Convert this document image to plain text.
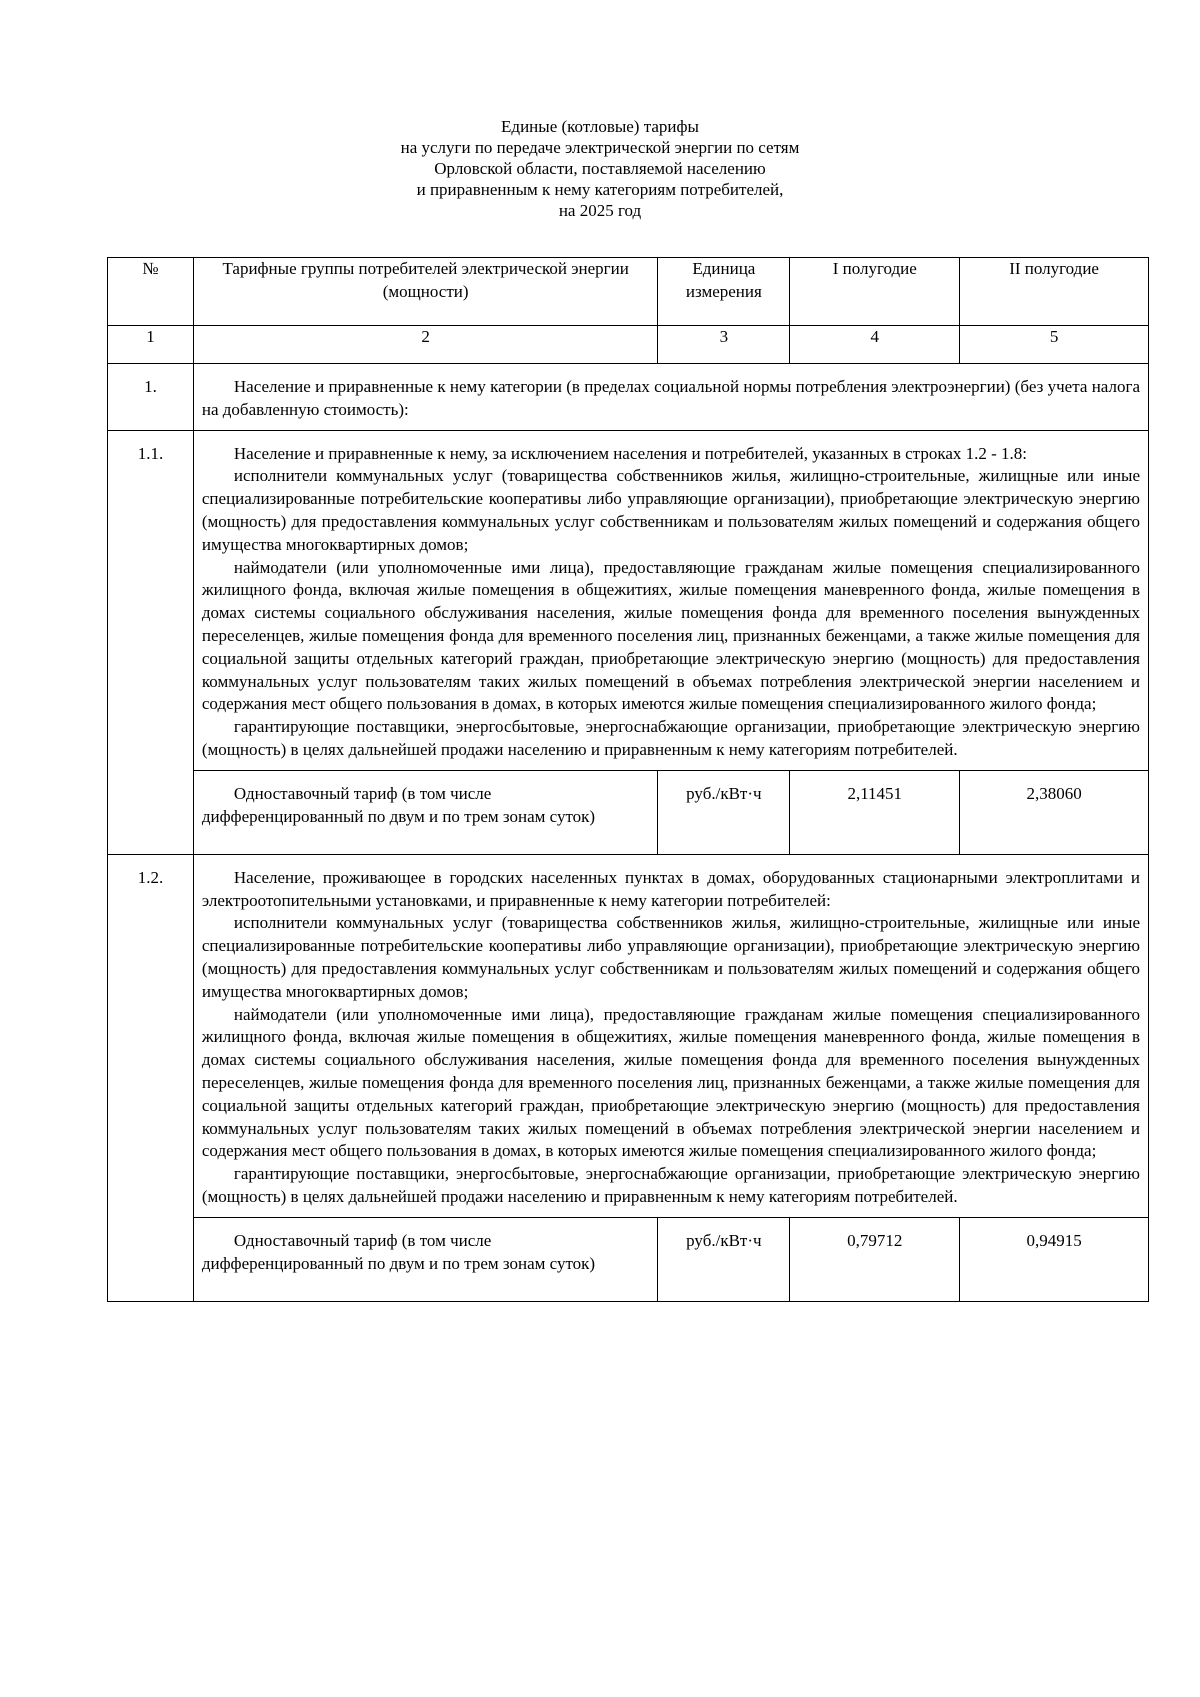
Единые (котловые) тарифы
на услуги по передаче электрической энергии по сетям
Орловской области, поставляемой населению
и приравненным к нему категориям потребителей,
на 2025 год
№	Тарифные группы потребителей электрической энергии (мощности)	Единица измерения	I полугодие	II полугодие
1	2	3	4	5
1.	Население и приравненные к нему категории (в пределах социальной нормы потребления электроэнергии) (без учета налога на добавленную стоимость):			

1.1.	Население и приравненные к нему, за исключением населения и потребителей, указанных в строках 1.2 - 1.8:

исполнители коммунальных услуг (товарищества собственников жилья, жилищно-строительные, жилищные или иные специализированные потребительские кооперативы либо управляющие организации), приобретающие электрическую энергию (мощность) для предоставления коммунальных услуг собственникам и пользователям жилых помещений и содержания общего имущества многоквартирных домов;

наймодатели (или уполномоченные ими лица), предоставляющие гражданам жилые помещения специализированного жилищного фонда, включая жилые помещения в общежитиях, жилые помещения маневренного фонда, жилые помещения в домах системы социального обслуживания населения, жилые помещения фонда для временного поселения вынужденных переселенцев, жилые помещения фонда для временного поселения лиц, признанных беженцами, а также жилые помещения для социальной защиты отдельных категорий граждан, приобретающие электрическую энергию (мощность) для предоставления коммунальных услуг пользователям таких жилых помещений в объемах потребления электрической энергии населением и содержания мест общего пользования в домах, в которых имеются жилые помещения специализированного жилого фонда;

гарантирующие поставщики, энергосбытовые, энергоснабжающие организации, приобретающие электрическую энергию (мощность) в целях дальнейшей продажи населению и приравненным к нему категориям потребителей.			

	Одноставочный тариф (в том числе дифференцированный по двум и по трем зонам суток)	руб./кВт·ч	2,11451	2,38060
1.2.	Население, проживающее в городских населенных пунктах в домах, оборудованных стационарными электроплитами и электроотопительными установками, и приравненные к нему категории потребителей:

исполнители коммунальных услуг (товарищества собственников жилья, жилищно-строительные, жилищные или иные специализированные потребительские кооперативы либо управляющие организации), приобретающие электрическую энергию (мощность) для предоставления коммунальных услуг собственникам и пользователям жилых помещений и содержания общего имущества многоквартирных домов;

наймодатели (или уполномоченные ими лица), предоставляющие гражданам жилые помещения специализированного жилищного фонда, включая жилые помещения в общежитиях, жилые помещения маневренного фонда, жилые помещения в домах системы социального обслуживания населения, жилые помещения фонда для временного поселения вынужденных переселенцев, жилые помещения фонда для временного поселения лиц, признанных беженцами, а также жилые помещения для социальной защиты отдельных категорий граждан, приобретающие электрическую энергию (мощность) для предоставления коммунальных услуг пользователям таких жилых помещений в объемах потребления электрической энергии населением и содержания мест общего пользования в домах, в которых имеются жилые помещения специализированного жилого фонда;

гарантирующие поставщики, энергосбытовые, энергоснабжающие организации, приобретающие электрическую энергию (мощность) в целях дальнейшей продажи населению и приравненным к нему категориям потребителей.			

	Одноставочный тариф (в том числе дифференцированный по двум и по трем зонам суток)	руб./кВт·ч	0,79712	0,94915
